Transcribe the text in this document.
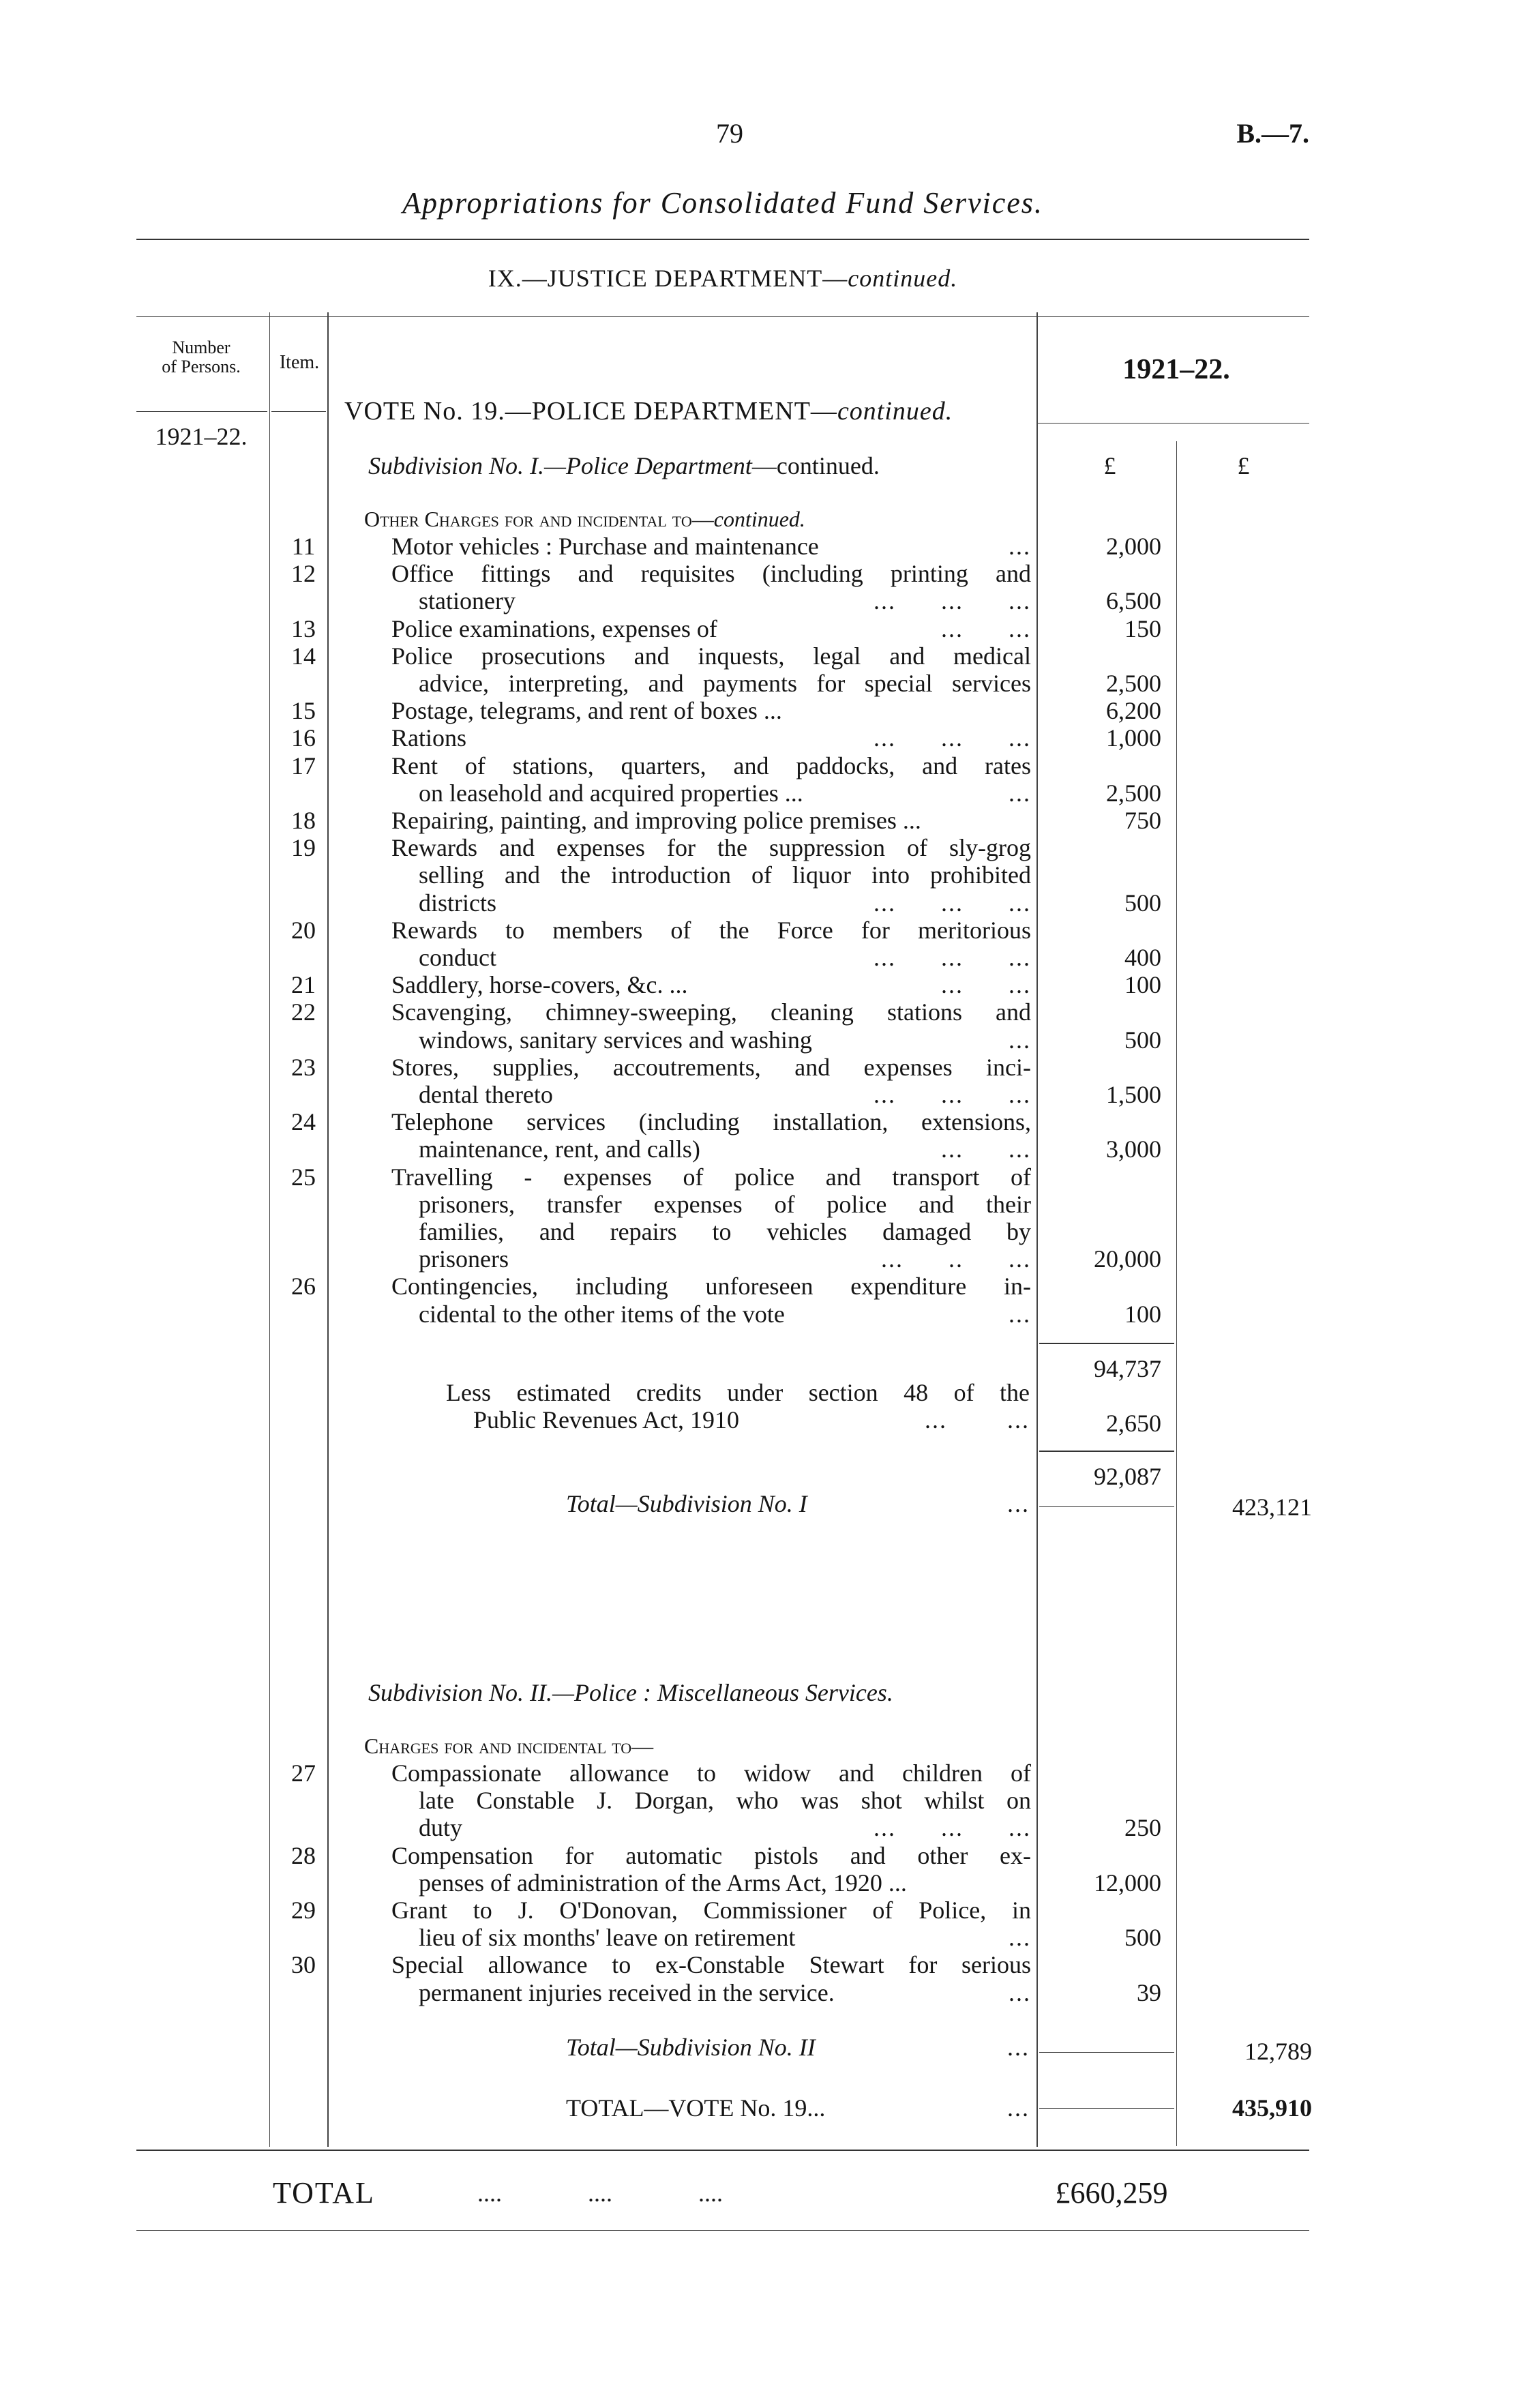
79	B.—7.
Appropriations for Consolidated Fund Services.
IX.—JUSTICE DEPARTMENT—continued.
Number
of Persons.	Item.	1921–22.
VOTE No. 19.—POLICE DEPARTMENT—continued.
1921–22.
£	£
Subdivision No. I.—Police Department—continued.
Other Charges for and incidental to—continued.
11	Motor vehicles : Purchase and maintenance	...	2,000
12	Office fittings and requisites (including printing and
stationery	...      ...      ...	6,500
13	Police examinations, expenses of	...      ...	150
14	Police prosecutions and inquests, legal and medical
advice, interpreting, and payments for special services	2,500
15	Postage, telegrams, and rent of boxes ...	6,200
16	Rations	...      ...      ...	1,000
17	Rent of stations, quarters, and paddocks, and rates
on leasehold and acquired properties ...	...	2,500
18	Repairing, painting, and improving police premises ...	750
19	Rewards and expenses for the suppression of sly-grog
selling and the introduction of liquor into prohibited
districts	...      ...      ...	500
20	Rewards to members of the Force for meritorious
conduct	...      ...      ...	400
21	Saddlery, horse-covers, &c. ...	...      ...	100
22	Scavenging, chimney-sweeping, cleaning stations and
windows, sanitary services and washing	...	500
23	Stores, supplies, accoutrements, and expenses inci-
dental thereto	...      ...      ...	1,500
24	Telephone services (including installation, extensions,
maintenance, rent, and calls)	...      ...	3,000
25	Travelling - expenses of police and transport of
prisoners, transfer expenses of police and their
families, and repairs to vehicles damaged by
prisoners	...      ..      ...	20,000
26	Contingencies, including unforeseen expenditure in-
cidental to the other items of the vote	...	100
94,737
Less estimated credits under section 48 of the
Public Revenues Act, 1910	...        ...	2,650
92,087
Total—Subdivision No. I	...	423,121
Subdivision No. II.—Police : Miscellaneous Services.
Charges for and incidental to—
27	Compassionate allowance to widow and children of
late Constable J. Dorgan, who was shot whilst on
duty	...      ...      ...	250
28	Compensation for automatic pistols and other ex-
penses of administration of the Arms Act, 1920 ...	12,000
29	Grant to J. O'Donovan, Commissioner of Police, in
lieu of six months' leave on retirement	...	500
30	Special allowance to ex-Constable Stewart for serious
permanent injuries received in the service.	...	39
Total—Subdivision No. II	...	12,789
TOTAL—VOTE No. 19...	...	435,910
TOTAL	....              ....              ....	£660,259
